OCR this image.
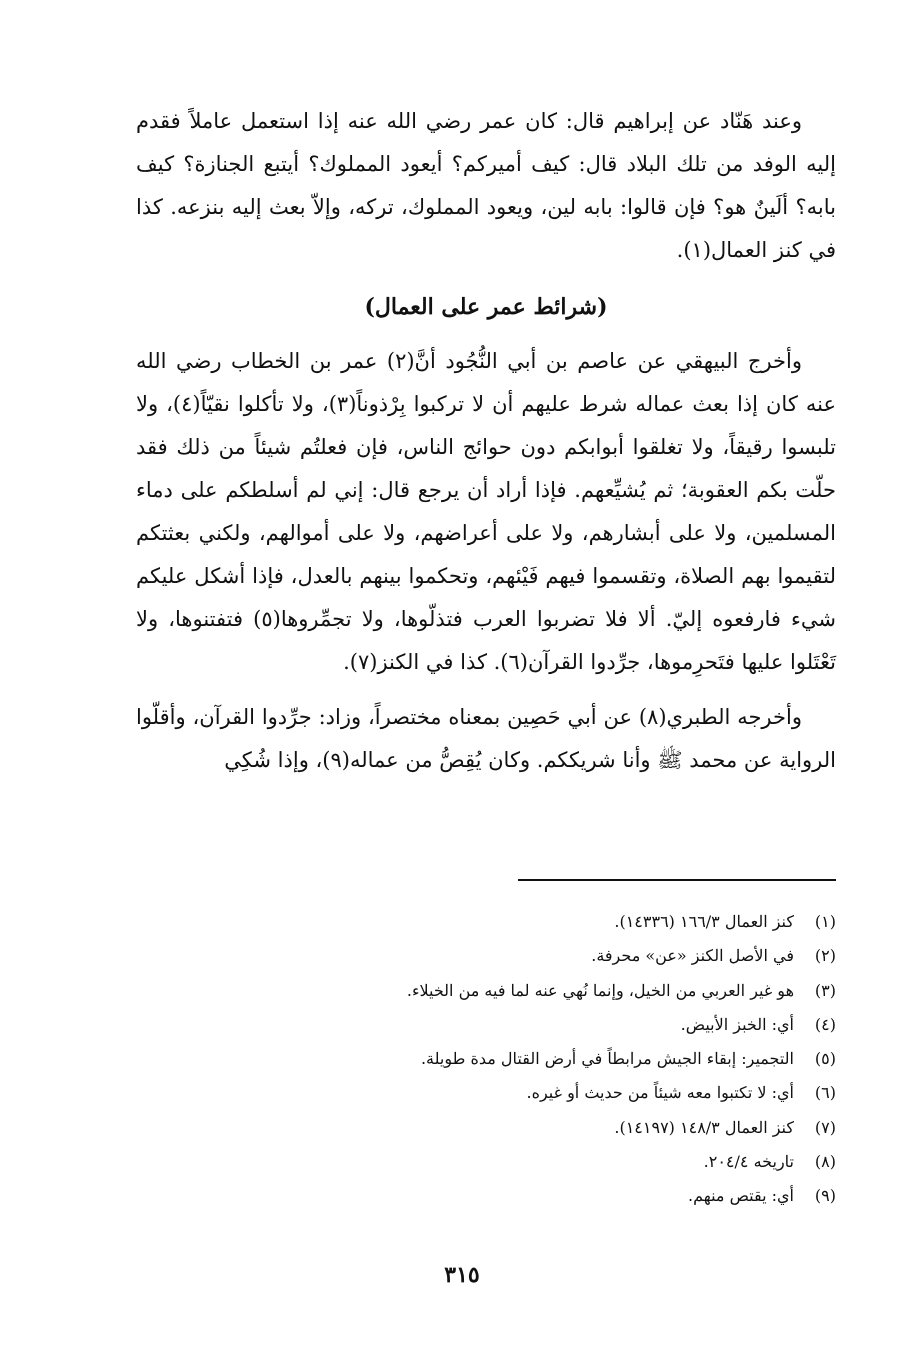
وعند هَنّاد عن إبراهيم قال: كان عمر رضي الله عنه إذا استعمل عاملاً فقدم إليه الوفد من تلك البلاد قال: كيف أميركم؟ أيعود المملوك؟ أيتبع الجنازة؟ كيف بابه؟ ألَينٌ هو؟ فإن قالوا: بابه لين، ويعود المملوك، تركه، وإلاّ بعث إليه بنزعه. كذا في كنز العمال(١).

(شرائط عمر على العمال)

وأخرج البيهقي عن عاصم بن أبي النُّجُود أنَّ(٢) عمر بن الخطاب رضي الله عنه كان إذا بعث عماله شرط عليهم أن لا تركبوا بِرْذوناً(٣)، ولا تأكلوا نقيّاً(٤)، ولا تلبسوا رقيقاً، ولا تغلقوا أبوابكم دون حوائج الناس، فإن فعلتُم شيئاً من ذلك فقد حلّت بكم العقوبة؛ ثم يُشيِّعهم. فإذا أراد أن يرجع قال: إني لم أسلطكم على دماء المسلمين، ولا على أبشارهم، ولا على أعراضهم، ولا على أموالهم، ولكني بعثتكم لتقيموا بهم الصلاة، وتقسموا فيهم فَيْئهم، وتحكموا بينهم بالعدل، فإذا أشكل عليكم شيء فارفعوه إليّ. ألا فلا تضربوا العرب فتذلّوها، ولا تجمِّروها(٥) فتفتنوها، ولا تَعْتَلوا عليها فتَحرِموها، جرِّدوا القرآن(٦). كذا في الكنز(٧).

وأخرجه الطبري(٨) عن أبي حَصِين بمعناه مختصراً، وزاد: جرِّدوا القرآن، وأقلّوا الرواية عن محمد ﷺ وأنا شريككم. وكان يُقِصُّ من عماله(٩)، وإذا شُكِي

(١)
كنز العمال ١٦٦/٣ (١٤٣٣٦).
(٢)
في الأصل الكنز «عن» محرفة.
(٣)
هو غير العربي من الخيل، وإنما نُهي عنه لما فيه من الخيلاء.
(٤)
أي: الخبز الأبيض.
(٥)
التجمير: إبقاء الجيش مرابطاً في أرض القتال مدة طويلة.
(٦)
أي: لا تكتبوا معه شيئاً من حديث أو غيره.
(٧)
كنز العمال ١٤٨/٣ (١٤١٩٧).
(٨)
تاريخه ٢٠٤/٤.
(٩)
أي: يقتص منهم.
٣١٥
